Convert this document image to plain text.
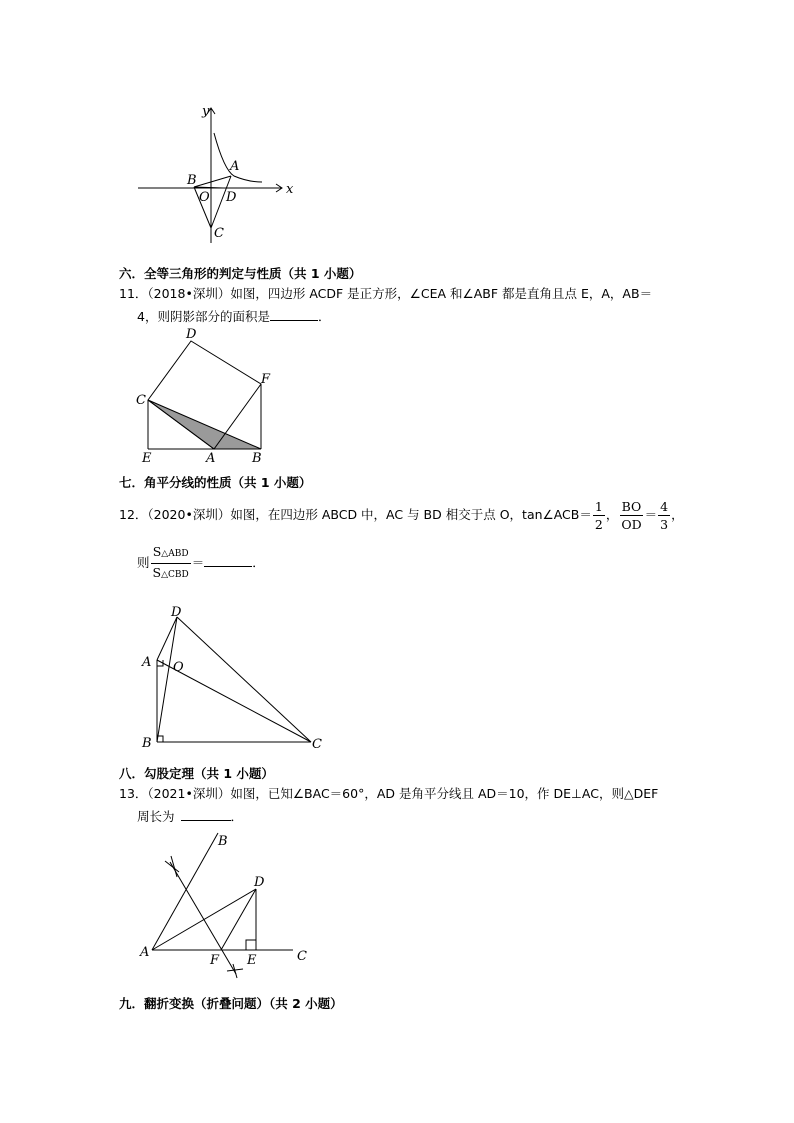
y
x
A
B
O D
C
六．全等三角形的判定与性质（共 1 小题）
11．（2018•深圳）如图，四边形 ACDF 是正方形，∠CEA 和∠ABF 都是直角且点 E，A，AB＝
4，则阴影部分的面积是	．
D
F
C
E	A	B
七．角平分线的性质（共 1 小题）
12．（2020•深圳）如图，在四边形 ABCD 中，AC 与 BD 相交于点 O，tan∠ACB＝ $\frac{1}{2}$ ， $\frac{BO}{OD} = \frac{4}{3}$ ，
则 $\frac{\text{S△ABD}}{\text{S△CBD}}$ ＝	．
D
A O
B	C
八．勾股定理（共 1 小题）
13．（2021•深圳）如图，已知∠BAC＝60°，AD 是角平分线且 AD＝10，作 DE⊥AC，则△DEF
周长为	．
B
D
A
F E	C
九．翻折变换（折叠问题）（共 2 小题）
